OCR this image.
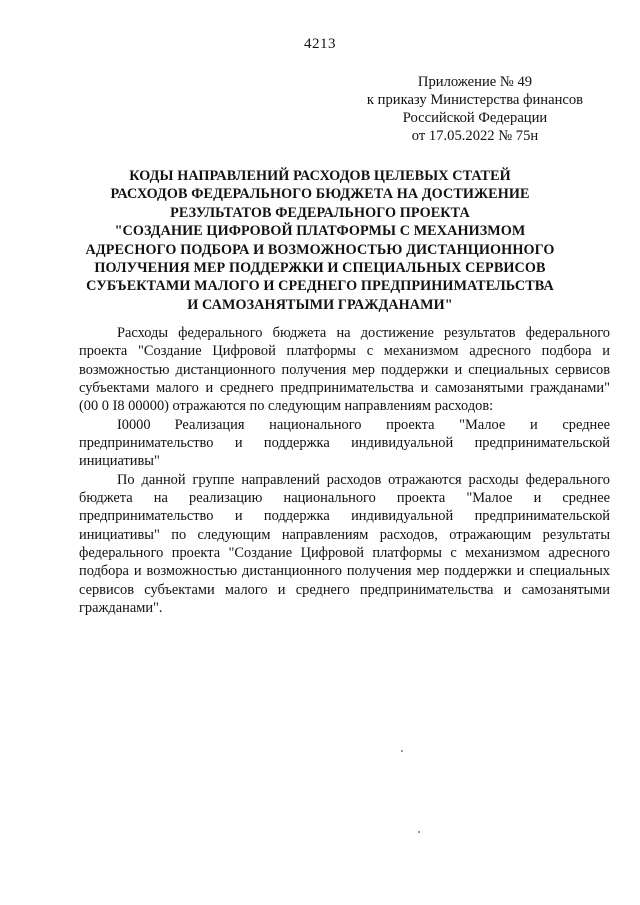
4213
Приложение № 49
к приказу Министерства финансов
Российской Федерации
от 17.05.2022 № 75н
КОДЫ НАПРАВЛЕНИЙ РАСХОДОВ ЦЕЛЕВЫХ СТАТЕЙ
РАСХОДОВ ФЕДЕРАЛЬНОГО БЮДЖЕТА НА ДОСТИЖЕНИЕ
РЕЗУЛЬТАТОВ ФЕДЕРАЛЬНОГО ПРОЕКТА
"СОЗДАНИЕ ЦИФРОВОЙ ПЛАТФОРМЫ С МЕХАНИЗМОМ
АДРЕСНОГО ПОДБОРА И ВОЗМОЖНОСТЬЮ ДИСТАНЦИОННОГО
ПОЛУЧЕНИЯ МЕР ПОДДЕРЖКИ И СПЕЦИАЛЬНЫХ СЕРВИСОВ
СУБЪЕКТАМИ МАЛОГО И СРЕДНЕГО ПРЕДПРИНИМАТЕЛЬСТВА
И САМОЗАНЯТЫМИ ГРАЖДАНАМИ"

Расходы федерального бюджета на достижение результатов федерального проекта "Создание Цифровой платформы с механизмом адресного подбора и возможностью дистанционного получения мер поддержки и специальных сервисов субъектами малого и среднего предпринимательства и самозанятыми гражданами" (00 0 I8 00000) отражаются по следующим направлениям расходов:

I0000 Реализация национального проекта "Малое и среднее предпринимательство и поддержка индивидуальной предпринимательской инициативы"

По данной группе направлений расходов отражаются расходы федерального бюджета на реализацию национального проекта "Малое и среднее предпринимательство и поддержка индивидуальной предпринимательской инициативы" по следующим направлениям расходов, отражающим результаты федерального проекта "Создание Цифровой платформы с механизмом адресного подбора и возможностью дистанционного получения мер поддержки и специальных сервисов субъектами малого и среднего предпринимательства и самозанятыми гражданами".
